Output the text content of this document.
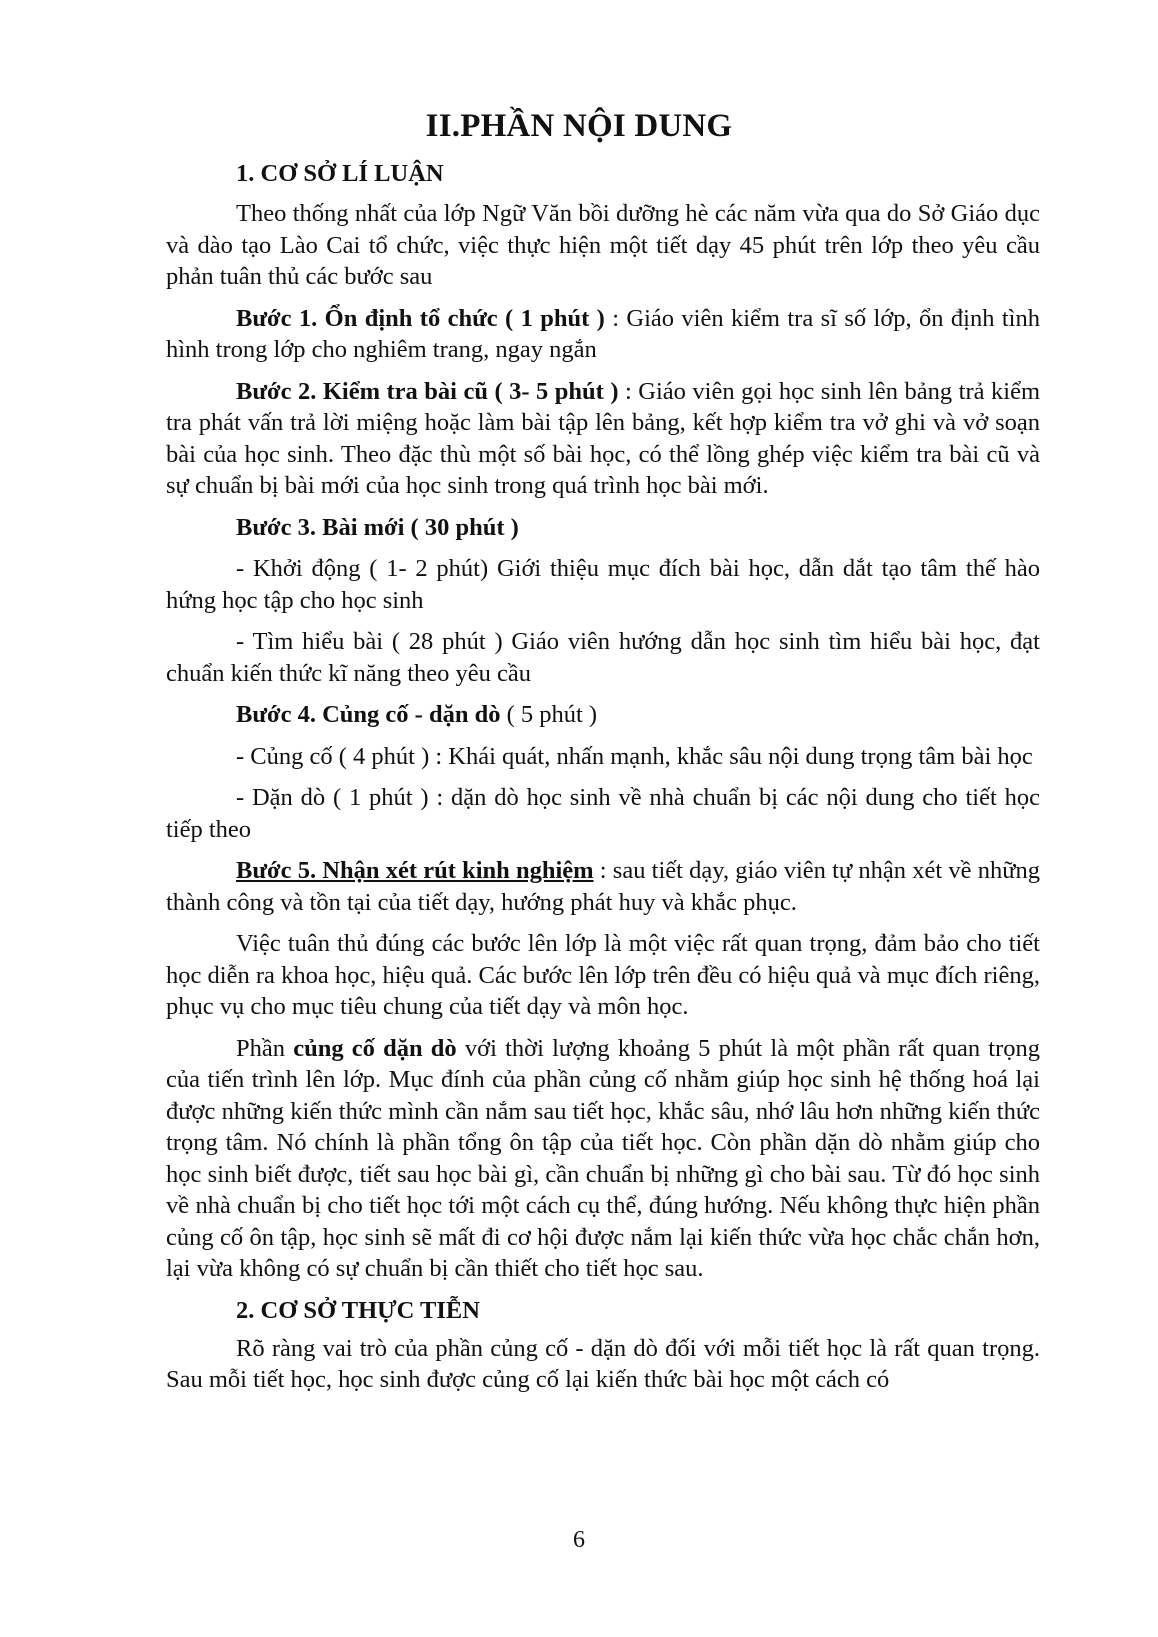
II.PHẦN NỘI DUNG
1. CƠ SỞ LÍ LUẬN

Theo thống nhất của lớp Ngữ Văn bồi dưỡng hè các năm vừa qua do Sở Giáo dục và dào tạo Lào Cai tổ chức, việc thực hiện một tiết dạy 45 phút trên lớp theo yêu cầu phản tuân thủ các bước sau

Bước 1. Ổn định tổ chức ( 1 phút ) : Giáo viên kiểm tra sĩ số lớp, ổn định tình hình trong lớp cho nghiêm trang, ngay ngắn

Bước 2. Kiểm tra bài cũ ( 3- 5 phút ) : Giáo viên gọi học sinh lên bảng trả kiểm tra phát vấn trả lời miệng hoặc làm bài tập lên bảng, kết hợp kiểm tra vở ghi và vở soạn bài của học sinh. Theo đặc thù một số bài học, có thể lồng ghép việc kiểm tra bài cũ và sự chuẩn bị bài mới của học sinh trong quá trình học bài mới.

Bước 3. Bài mới ( 30 phút )

- Khởi động ( 1- 2 phút) Giới thiệu mục đích bài học, dẫn dắt tạo tâm thế hào hứng học tập cho học sinh

- Tìm hiểu bài ( 28 phút ) Giáo viên hướng dẫn học sinh tìm hiểu bài học, đạt chuẩn kiến thức kĩ năng theo yêu cầu

Bước 4. Củng cố - dặn dò ( 5 phút )

- Củng cố ( 4 phút ) : Khái quát, nhấn mạnh, khắc sâu nội dung trọng tâm bài học

- Dặn dò ( 1 phút ) : dặn dò học sinh về nhà chuẩn bị các nội dung cho tiết học tiếp theo

Bước 5. Nhận xét rút kinh nghiệm : sau tiết dạy, giáo viên tự nhận xét về những thành công và tồn tại của tiết dạy, hướng phát huy và khắc phục.

Việc tuân thủ đúng các bước lên lớp là một việc rất quan trọng, đảm bảo cho tiết học diễn ra khoa học, hiệu quả. Các bước lên lớp trên đều có hiệu quả và mục đích riêng, phục vụ cho mục tiêu chung của tiết dạy và môn học.

Phần củng cố dặn dò với thời lượng khoảng 5 phút là một phần rất quan trọng của tiến trình lên lớp. Mục đính của phần củng cố nhằm giúp học sinh hệ thống hoá lại được những kiến thức mình cần nắm sau tiết học, khắc sâu, nhớ lâu hơn những kiến thức trọng tâm. Nó chính là phần tổng ôn tập của tiết học. Còn phần dặn dò nhằm giúp cho học sinh biết được, tiết sau học bài gì, cần chuẩn bị những gì cho bài sau. Từ đó học sinh về nhà chuẩn bị cho tiết học tới một cách cụ thể, đúng hướng. Nếu không thực hiện phần củng cố ôn tập, học sinh sẽ mất đi cơ hội được nắm lại kiến thức vừa học chắc chắn hơn, lại vừa không có sự chuẩn bị cần thiết cho tiết học sau.

2. CƠ SỞ THỰC TIỄN

Rõ ràng vai trò của phần củng cố - dặn dò đối với mỗi tiết học là rất quan trọng. Sau mỗi tiết học, học sinh được củng cố lại kiến thức bài học một cách có

6
